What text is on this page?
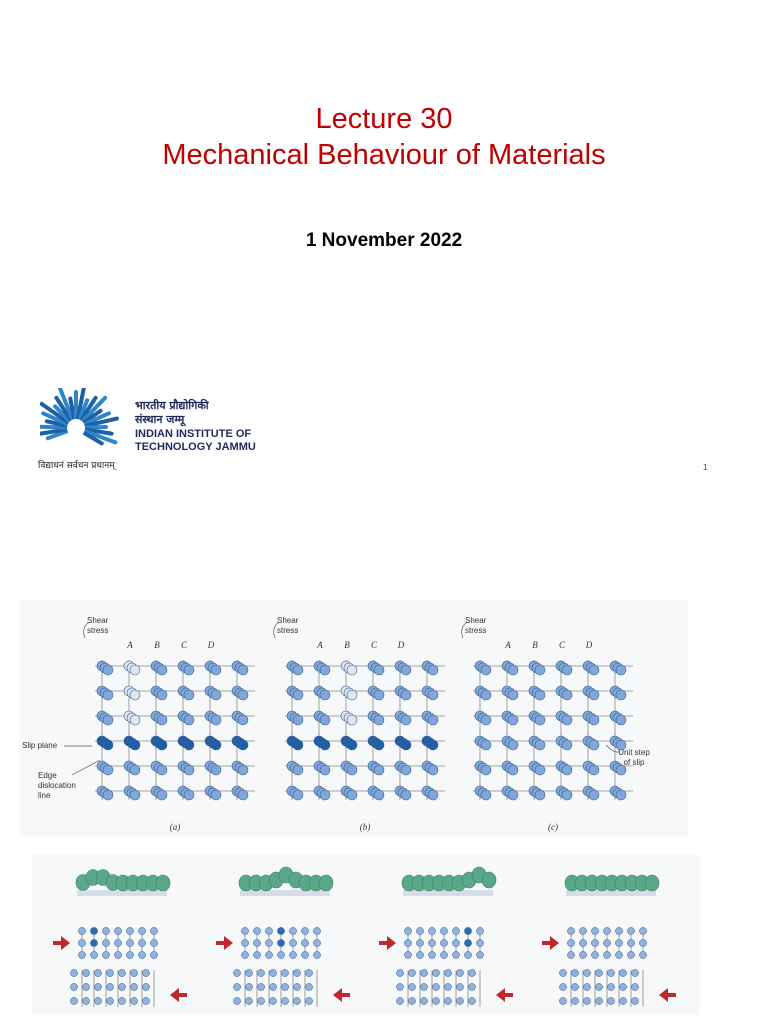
Lecture 30
Mechanical Behaviour of Materials
1 November 2022
भारतीय प्रौद्योगिकी
संस्थान जम्मू
INDIAN INSTITUTE OF
TECHNOLOGY JAMMU
विद्याधनं सर्वधन प्रधानम्	1
Shear stress
A B C D
(a)
Shear stress
A B C D
(b)
Shear stress
A B C D
(c)
Slip plane
Edge dislocation line
Unit step of slip
